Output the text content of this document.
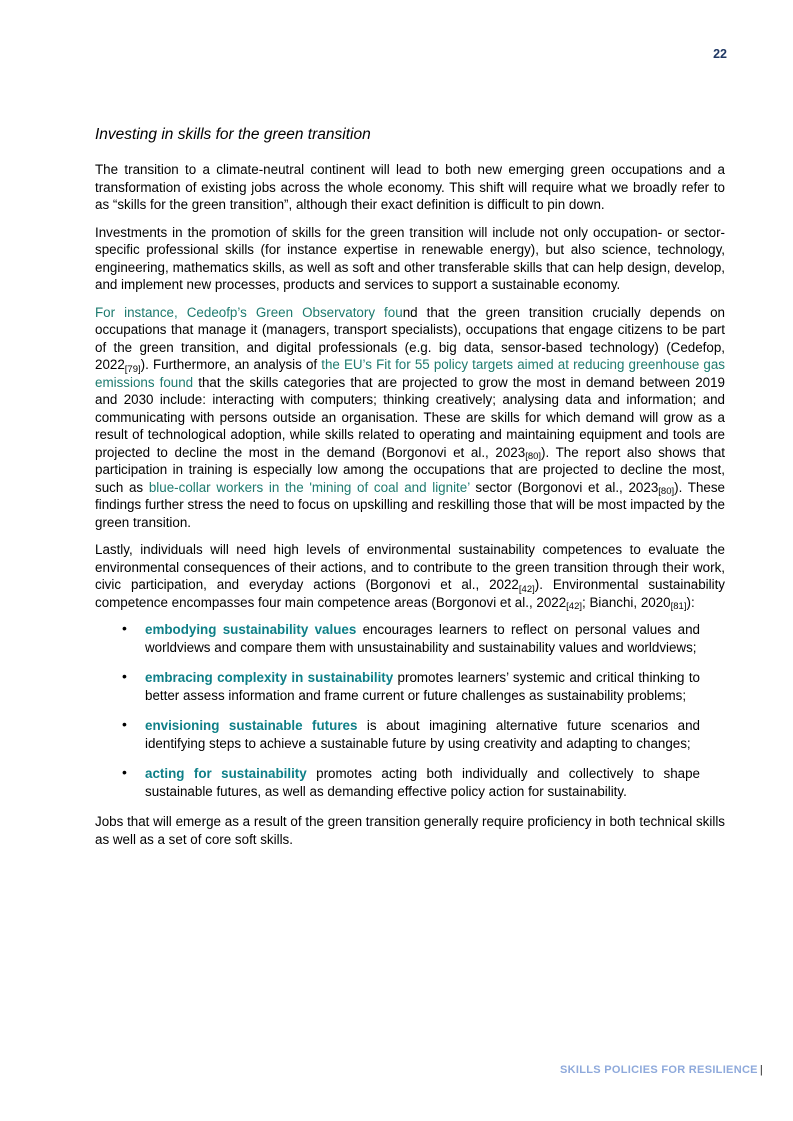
22
Investing in skills for the green transition

The transition to a climate-neutral continent will lead to both new emerging green occupations and a transformation of existing jobs across the whole economy. This shift will require what we broadly refer to as “skills for the green transition”, although their exact definition is difficult to pin down.

Investments in the promotion of skills for the green transition will include not only occupation- or sector-specific professional skills (for instance expertise in renewable energy), but also science, technology, engineering, mathematics skills, as well as soft and other transferable skills that can help design, develop, and implement new processes, products and services to support a sustainable economy.

For instance, Cedeofp’s Green Observatory found that the green transition crucially depends on occupations that manage it (managers, transport specialists), occupations that engage citizens to be part of the green transition, and digital professionals (e.g. big data, sensor-based technology) (Cedefop, 2022[79]). Furthermore, an analysis of the EU’s Fit for 55 policy targets aimed at reducing greenhouse gas emissions found that the skills categories that are projected to grow the most in demand between 2019 and 2030 include: interacting with computers; thinking creatively; analysing data and information; and communicating with persons outside an organisation. These are skills for which demand will grow as a result of technological adoption, while skills related to operating and maintaining equipment and tools are projected to decline the most in the demand (Borgonovi et al., 2023[80]). The report also shows that participation in training is especially low among the occupations that are projected to decline the most, such as blue-collar workers in the 'mining of coal and lignite’ sector (Borgonovi et al., 2023[80]). These findings further stress the need to focus on upskilling and reskilling those that will be most impacted by the green transition.

Lastly, individuals will need high levels of environmental sustainability competences to evaluate the environmental consequences of their actions, and to contribute to the green transition through their work, civic participation, and everyday actions (Borgonovi et al., 2022[42]). Environmental sustainability competence encompasses four main competence areas (Borgonovi et al., 2022[42]; Bianchi, 2020[81]):

• embodying sustainability values encourages learners to reflect on personal values and worldviews and compare them with unsustainability and sustainability values and worldviews;
• embracing complexity in sustainability promotes learners’ systemic and critical thinking to better assess information and frame current or future challenges as sustainability problems;
• envisioning sustainable futures is about imagining alternative future scenarios and identifying steps to achieve a sustainable future by using creativity and adapting to changes;
• acting for sustainability promotes acting both individually and collectively to shape sustainable futures, as well as demanding effective policy action for sustainability.

Jobs that will emerge as a result of the green transition generally require proficiency in both technical skills as well as a set of core soft skills.

SKILLS POLICIES FOR RESILIENCE |
